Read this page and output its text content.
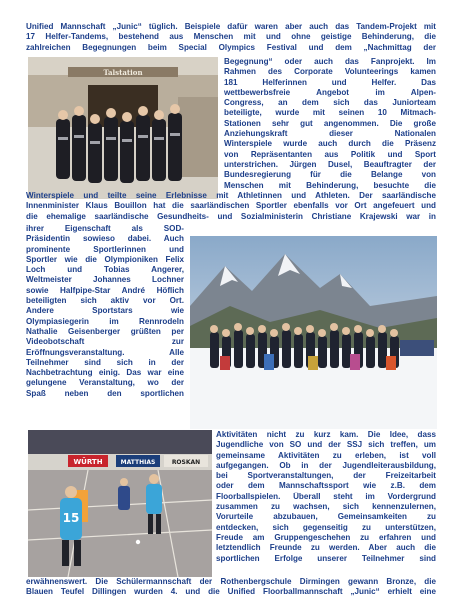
Unified Mannschaft „Junic“ tüglich. Beispiele dafür waren aber auch das Tandem-Projekt mit
17 Helfer-Tandems, bestehend aus Menschen mit und ohne geistige Behinderung, die
zahlreichen Begegnungen beim Special Olympics Festival und dem „Nachmittag der
Talstation
Begegnung“ oder auch das Fanprojekt. Im
Rahmen des Corporate Volunteerings kamen
181 Helferinnen und Helfer. Das
wettbewerbsfreie Angebot im Alpen-
Congress, an dem sich das Juniorteam
beteiligte, wurde mit seinen 10 Mitmach-
Stationen sehr gut angenommen. Die große
Anziehungskraft dieser Nationalen
Winterspiele wurde auch durch die Präsenz
von Repräsentanten aus Politik und Sport
unterstrichen. Jürgen Dusel, Beauftragter der
Bundesregierung für die Belange von
Menschen mit Behinderung, besuchte die
Winterspiele und teilte seine Erlebnisse mit Athletinnen und Athleten. Der saarländische
Innenminister Klaus Bouillon hat die saarländischen Sportler ebenfalls vor Ort angefeuert und
die ehemalige saarländische Gesundheits- und Sozialministerin Christiane Krajewski war in
ihrer Eigenschaft als SOD-
Präsidentin sowieso dabei. Auch
prominente Sportlerinnen und
Sportler wie die Olympioniken Felix
Loch und Tobias Angerer,
Weltmeister Johannes Lochner
sowie Halfpipe-Star André Höflich
beteiligten sich aktiv vor Ort.
Andere Sportstars wie
Olympiasiegerin im Rennrodeln
Nathalie Geisenberger grüßten per
Videobotschaft zur
Eröffnungsveranstaltung. Alle
Teilnehmer sind sich in der
Nachbetrachtung einig. Das war eine
gelungene Veranstaltung, wo der
Spaß neben den sportlichen
WÜRTH	MATTHIAS	ROSKAN
15
Aktivitäten nicht zu kurz kam. Die Idee, dass
Jugendliche von SO und der SSJ sich treffen, um
gemeinsame Aktivitäten zu erleben, ist voll
aufgegangen. Ob in der Jugendleiterausbildung,
bei Sportveranstaltungen, der Freizeitarbeit
oder dem Mannschaftssport wie z.B. dem
Floorballspielen. Überall steht im Vordergrund
zusammen zu wachsen, sich kennenzulernen,
Vorurteile abzubauen, Gemeinsamkeiten zu
entdecken, sich gegenseitig zu unterstützen,
Freude am Gruppengeschehen zu erfahren und
letztendlich Freunde zu werden. Aber auch die
sportlichen Erfolge unserer Teilnehmer sind
erwähnenswert. Die Schülermannschaft der Rothenbergschule Dirmingen gewann Bronze, die
Blauen Teufel Dillingen wurden 4. und die Unified Floorballmannschaft „Junic“ erhielt eine
